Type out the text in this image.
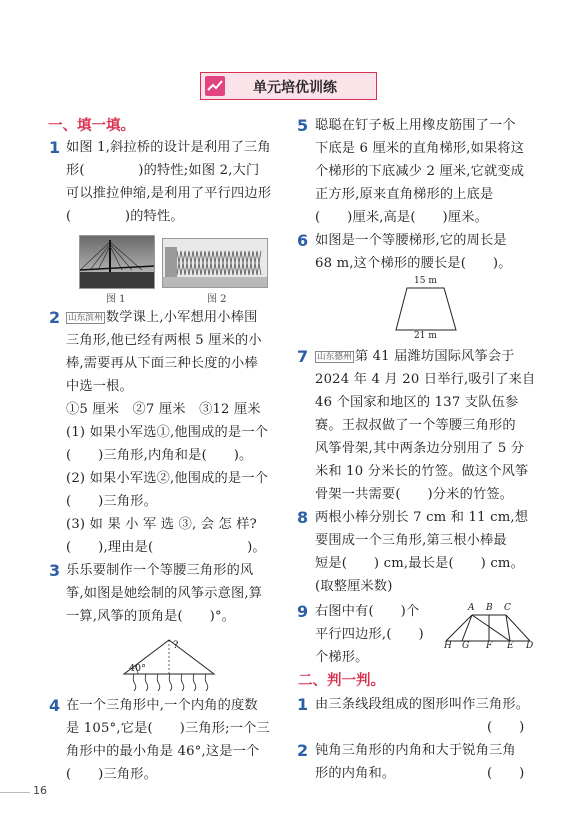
单元培优训练
一、填一填。
1 如图 1,斜拉桥的设计是利用了三角
形(　　　　)的特性;如图 2,大门
可以推拉伸缩,是利用了平行四边形
(　　　　)的特性。
图 1	图 2
2 山东滨州 数学课上,小军想用小棒围
三角形,他已经有两根 5 厘米的小
棒,需要再从下面三种长度的小棒
中选一根。
①5 厘米　②7 厘米　③12 厘米
(1) 如果小军选①,他围成的是一个
(　　)三角形,内角和是(　　)。
(2) 如果小军选②,他围成的是一个
(　　)三角形。
(3) 如 果 小 军 选 ③, 会 怎 样?
(　　),理由是(　　　　　　　)。
3 乐乐要制作一个等腰三角形的风
筝,如图是她绘制的风筝示意图,算
一算,风筝的顶角是(　　)°。
?
40°
4 在一个三角形中,一个内角的度数
是 105°,它是(　　)三角形;一个三
角形中的最小角是 46°,这是一个
(　　)三角形。
5 聪聪在钉子板上用橡皮筋围了一个
下底是 6 厘米的直角梯形,如果将这
个梯形的下底减少 2 厘米,它就变成
正方形,原来直角梯形的上底是
(　　)厘米,高是(　　)厘米。
6 如图是一个等腰梯形,它的周长是
68 m,这个梯形的腰长是(　　)。
15 m
21 m
7 山东德州 第 41 届潍坊国际风筝会于
2024 年 4 月 20 日举行,吸引了来自
46 个国家和地区的 137 支队伍参
赛。王叔叔做了一个等腰三角形的
风筝骨架,其中两条边分别用了 5 分
米和 10 分米长的竹签。做这个风筝
骨架一共需要(　　)分米的竹签。
8 两根小棒分别长 7 cm 和 11 cm,想
要围成一个三角形,第三根小棒最
短是(　　) cm,最长是(　　) cm。
(取整厘米数)
9 右图中有(　　)个
平行四边形,(　　)
个梯形。
A B C
H G F E D
二、判一判。
1 由三条线段组成的图形叫作三角形。
(　　)
2 钝角三角形的内角和大于锐角三角
形的内角和。	(　　)
16
